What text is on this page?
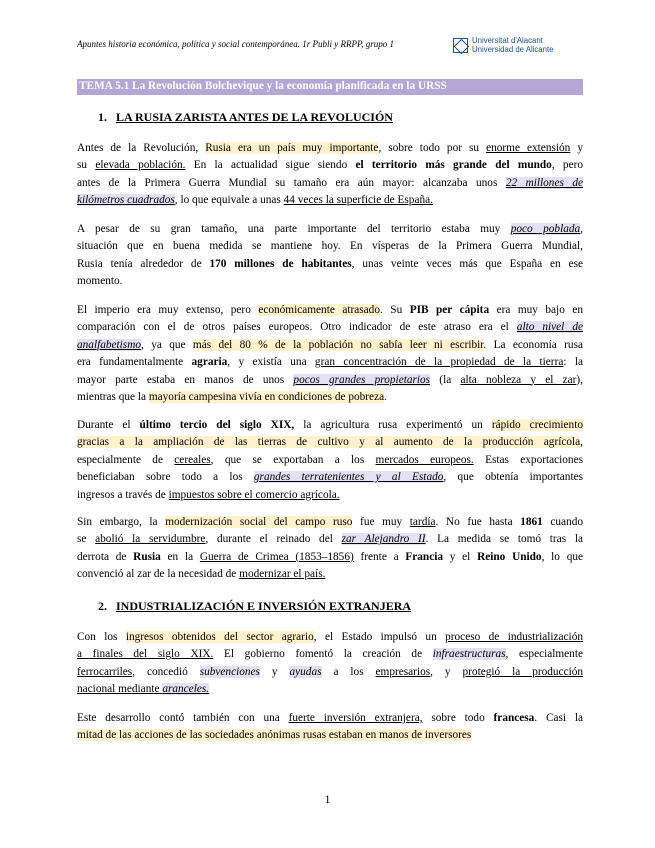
Apuntes historia económica, política y social contemporánea. 1r Publi y RRPP, grupo 1	Universitat d'Alacant
Universidad de Alicante
TEMA 5.1 La Revolución Bolchevique y la economía planificada en la URSS
1. LA RUSIA ZARISTA ANTES DE LA REVOLUCIÓN
Antes de la Revolución, Rusia era un país muy importante, sobre todo por su enorme extensión y
su elevada población. En la actualidad sigue siendo el territorio más grande del mundo, pero
antes de la Primera Guerra Mundial su tamaño era aún mayor: alcanzaba unos 22 millones de
kilómetros cuadrados, lo que equivale a unas 44 veces la superficie de España.
A pesar de su gran tamaño, una parte importante del territorio estaba muy poco poblada,
situación que en buena medida se mantiene hoy. En vísperas de la Primera Guerra Mundial,
Rusia tenía alrededor de 170 millones de habitantes, unas veinte veces más que España en ese
momento.
El imperio era muy extenso, pero económicamente atrasado. Su PIB per cápita era muy bajo en
comparación con el de otros países europeos. Otro indicador de este atraso era el alto nivel de
analfabetismo, ya que más del 80 % de la población no sabía leer ni escribir. La economía rusa
era fundamentalmente agraria, y existía una gran concentración de la propiedad de la tierra: la
mayor parte estaba en manos de unos pocos grandes propietarios (la alta nobleza y el zar),
mientras que la mayoría campesina vivía en condiciones de pobreza.
Durante el último tercio del siglo XIX, la agricultura rusa experimentó un rápido crecimiento
gracias a la ampliación de las tierras de cultivo y al aumento de la producción agrícola,
especialmente de cereales, que se exportaban a los mercados europeos. Estas exportaciones
beneficiaban sobre todo a los grandes terratenientes y al Estado, que obtenía importantes
ingresos a través de impuestos sobre el comercio agrícola.
Sin embargo, la modernización social del campo ruso fue muy tardía. No fue hasta 1861 cuando
se abolió la servidumbre, durante el reinado del zar Alejandro II. La medida se tomó tras la
derrota de Rusia en la Guerra de Crimea (1853–1856) frente a Francia y el Reino Unido, lo que
convenció al zar de la necesidad de modernizar el país.
2. INDUSTRIALIZACIÓN E INVERSIÓN EXTRANJERA
Con los ingresos obtenidos del sector agrario, el Estado impulsó un proceso de industrialización
a finales del siglo XIX. El gobierno fomentó la creación de infraestructuras, especialmente
ferrocarriles, concedió subvenciones y ayudas a los empresarios, y protegió la producción
nacional mediante aranceles.
Este desarrollo contó también con una fuerte inversión extranjera, sobre todo francesa. Casi la
mitad de las acciones de las sociedades anónimas rusas estaban en manos de inversores
1
